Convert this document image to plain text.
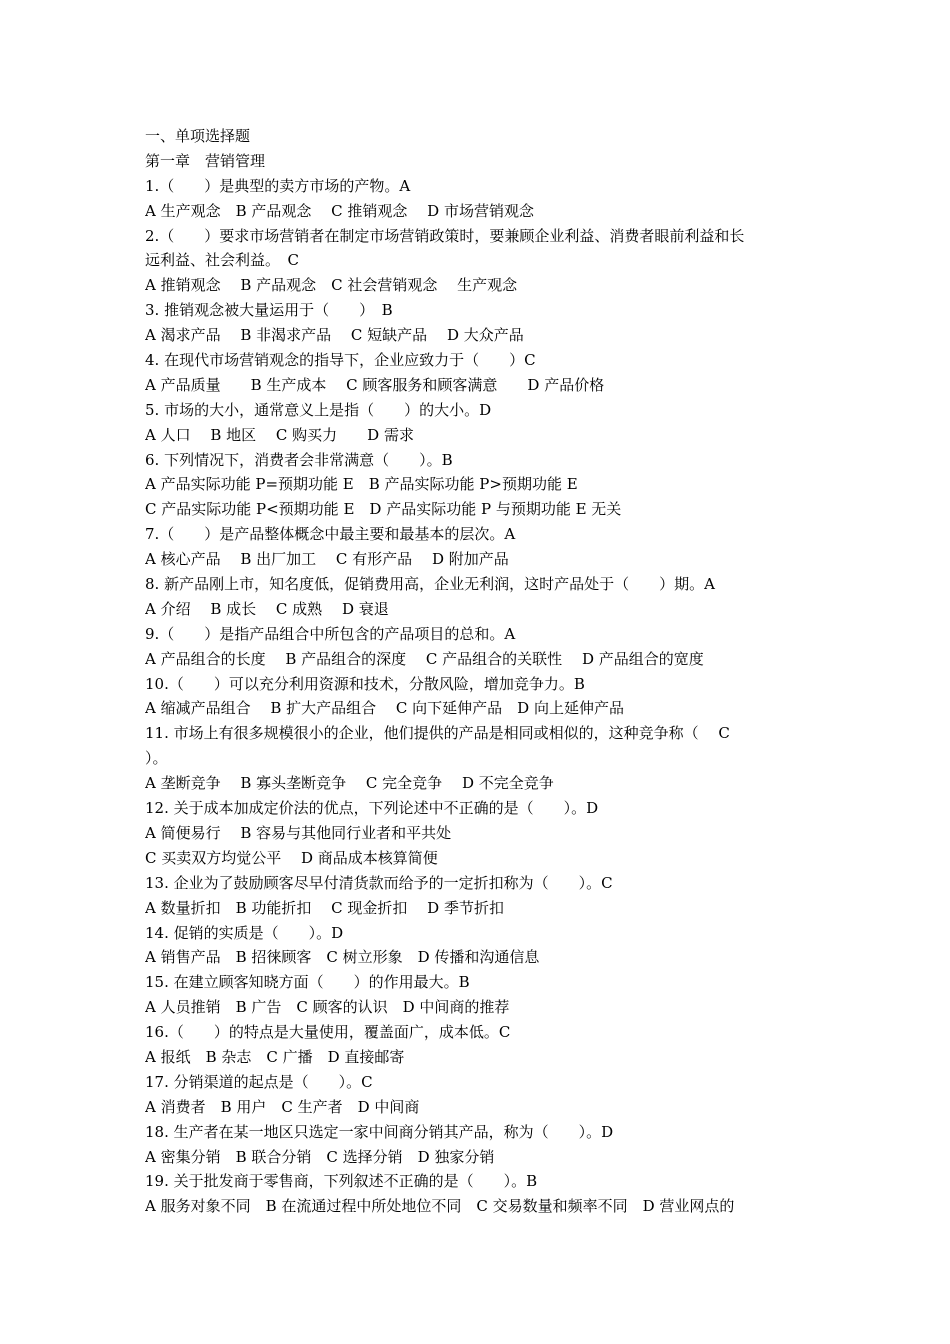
一、单项选择题
第一章　营销管理
1.（　　）是典型的卖方市场的产物。A
A 生产观念　B 产品观念　 C 推销观念　 D 市场营销观念
2.（　　）要求市场营销者在制定市场营销政策时，要兼顾企业利益、消费者眼前利益和长
远利益、社会利益。　C
A 推销观念　 B 产品观念　C 社会营销观念　 生产观念
3. 推销观念被大量运用于（　　）　B
A 渴求产品　 B 非渴求产品　 C 短缺产品　 D 大众产品
4. 在现代市场营销观念的指导下，企业应致力于（　　）C
A 产品质量　　B 生产成本　 C 顾客服务和顾客满意　　D 产品价格
5. 市场的大小，通常意义上是指（　　）的大小。D
A 人口　 B 地区　 C 购买力　　D 需求
6. 下列情况下，消费者会非常满意（　　）。B
A 产品实际功能 P=预期功能 E　B 产品实际功能 P>预期功能 E
C 产品实际功能 P<预期功能 E　D 产品实际功能 P 与预期功能 E 无关
7.（　　）是产品整体概念中最主要和最基本的层次。A
A 核心产品　 B 出厂加工　 C 有形产品　 D 附加产品
8. 新产品刚上市，知名度低，促销费用高，企业无利润，这时产品处于（　　）期。A
A 介绍　 B 成长　 C 成熟　 D 衰退
9.（　　）是指产品组合中所包含的产品项目的总和。A
A 产品组合的长度　 B 产品组合的深度　 C 产品组合的关联性　 D 产品组合的宽度
10.（　　）可以充分利用资源和技术，分散风险，增加竞争力。B
A 缩减产品组合　 B 扩大产品组合　 C 向下延伸产品　D 向上延伸产品
11. 市场上有很多规模很小的企业，他们提供的产品是相同或相似的，这种竞争称（　 C
）。
A 垄断竞争　 B 寡头垄断竞争　 C 完全竞争　 D 不完全竞争
12. 关于成本加成定价法的优点，下列论述中不正确的是（　　）。D
A 简便易行　 B 容易与其他同行业者和平共处
C 买卖双方均觉公平　 D 商品成本核算简便
13. 企业为了鼓励顾客尽早付清货款而给予的一定折扣称为（　　）。C
A 数量折扣　B 功能折扣　 C 现金折扣　 D 季节折扣
14. 促销的实质是（　　）。D
A 销售产品　B 招徕顾客　C 树立形象　D 传播和沟通信息
15. 在建立顾客知晓方面（　　）的作用最大。B
A 人员推销　B 广告　C 顾客的认识　D 中间商的推荐
16.（　　）的特点是大量使用，覆盖面广，成本低。C
A 报纸　B 杂志　C 广播　D 直接邮寄
17. 分销渠道的起点是（　　）。C
A 消费者　B 用户　C 生产者　D 中间商
18. 生产者在某一地区只选定一家中间商分销其产品，称为（　　）。D
A 密集分销　B 联合分销　C 选择分销　D 独家分销
19. 关于批发商于零售商，下列叙述不正确的是（　　）。B
A 服务对象不同　B 在流通过程中所处地位不同　C 交易数量和频率不同　D 营业网点的
